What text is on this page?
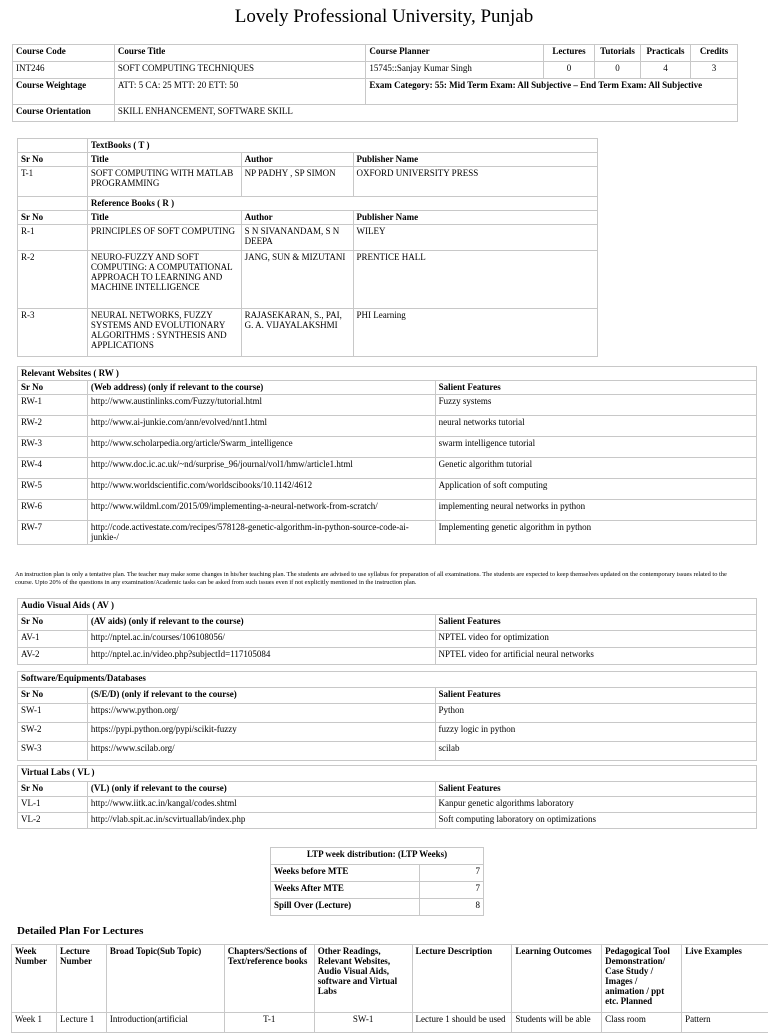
Lovely Professional University, Punjab
Course Code	Course Title	Course Planner	Lectures	Tutorials	Practicals	Credits
INT246	SOFT COMPUTING TECHNIQUES	15745::Sanjay Kumar Singh	0	0	4	3
Course Weightage	ATT: 5 CA: 25 MTT: 20 ETT: 50	Exam Category: 55: Mid Term Exam: All Subjective – End Term Exam: All Subjective				
Course Orientation	SKILL ENHANCEMENT, SOFTWARE SKILL					
	TextBooks ( T )		
Sr No	Title	Author	Publisher Name
T-1	SOFT COMPUTING WITH MATLAB PROGRAMMING	NP PADHY , SP SIMON	OXFORD UNIVERSITY PRESS
	Reference Books ( R )		
Sr No	Title	Author	Publisher Name
R-1	PRINCIPLES OF SOFT COMPUTING	S N SIVANANDAM, S N DEEPA	WILEY
R-2	NEURO-FUZZY AND SOFT COMPUTING: A COMPUTATIONAL APPROACH TO LEARNING AND MACHINE INTELLIGENCE	JANG, SUN & MIZUTANI	PRENTICE HALL
R-3	NEURAL NETWORKS, FUZZY SYSTEMS AND EVOLUTIONARY ALGORITHMS : SYNTHESIS AND APPLICATIONS	RAJASEKARAN, S., PAI, G. A. VIJAYALAKSHMI	PHI Learning
Relevant Websites ( RW )		
Sr No	(Web address) (only if relevant to the course)	Salient Features
RW-1	http://www.austinlinks.com/Fuzzy/tutorial.html	Fuzzy systems
RW-2	http://www.ai-junkie.com/ann/evolved/nnt1.html	neural networks tutorial
RW-3	http://www.scholarpedia.org/article/Swarm_intelligence	swarm intelligence tutorial
RW-4	http://www.doc.ic.ac.uk/~nd/surprise_96/journal/vol1/hmw/article1.html	Genetic algorithm tutorial
RW-5	http://www.worldscientific.com/worldscibooks/10.1142/4612	Application of soft computing
RW-6	http://www.wildml.com/2015/09/implementing-a-neural-network-from-scratch/	implementing neural networks in python
RW-7	http://code.activestate.com/recipes/578128-genetic-algorithm-in-python-source-code-ai-junkie-/	Implementing genetic algorithm in python
An instruction plan is only a tentative plan. The teacher may make some changes in his/her teaching plan. The students are advised to use syllabus for preparation of all examinations. The students are expected to keep themselves updated on the contemporary issues related to the course. Upto 20% of the questions in any examination/Academic tasks can be asked from such issues even if not explicitly mentioned in the instruction plan.
Audio Visual Aids ( AV )		
Sr No	(AV aids) (only if relevant to the course)	Salient Features
AV-1	http://nptel.ac.in/courses/106108056/	NPTEL video for optimization
AV-2	http://nptel.ac.in/video.php?subjectId=117105084	NPTEL video for artificial neural networks
Software/Equipments/Databases		
Sr No	(S/E/D) (only if relevant to the course)	Salient Features
SW-1	https://www.python.org/	Python
SW-2	https://pypi.python.org/pypi/scikit-fuzzy	fuzzy logic in python
SW-3	https://www.scilab.org/	scilab
Virtual Labs ( VL )		
Sr No	(VL) (only if relevant to the course)	Salient Features
VL-1	http://www.iitk.ac.in/kangal/codes.shtml	Kanpur genetic algorithms laboratory
VL-2	http://vlab.spit.ac.in/scvirtuallab/index.php	Soft computing laboratory on optimizations
LTP week distribution: (LTP Weeks)	
Weeks before MTE	7
Weeks After MTE	7
Spill Over (Lecture)	8
Detailed Plan For Lectures
Week Number	Lecture Number	Broad Topic(Sub Topic)	Chapters/Sections of Text/reference books	Other Readings, Relevant Websites, Audio Visual Aids, software and Virtual Labs	Lecture Description	Learning Outcomes	Pedagogical Tool Demonstration/ Case Study / Images / animation / ppt etc. Planned	Live Examples
Week 1	Lecture 1	Introduction(artificial	T-1	SW-1	Lecture 1 should be used	Students will be able	Class room	Pattern
